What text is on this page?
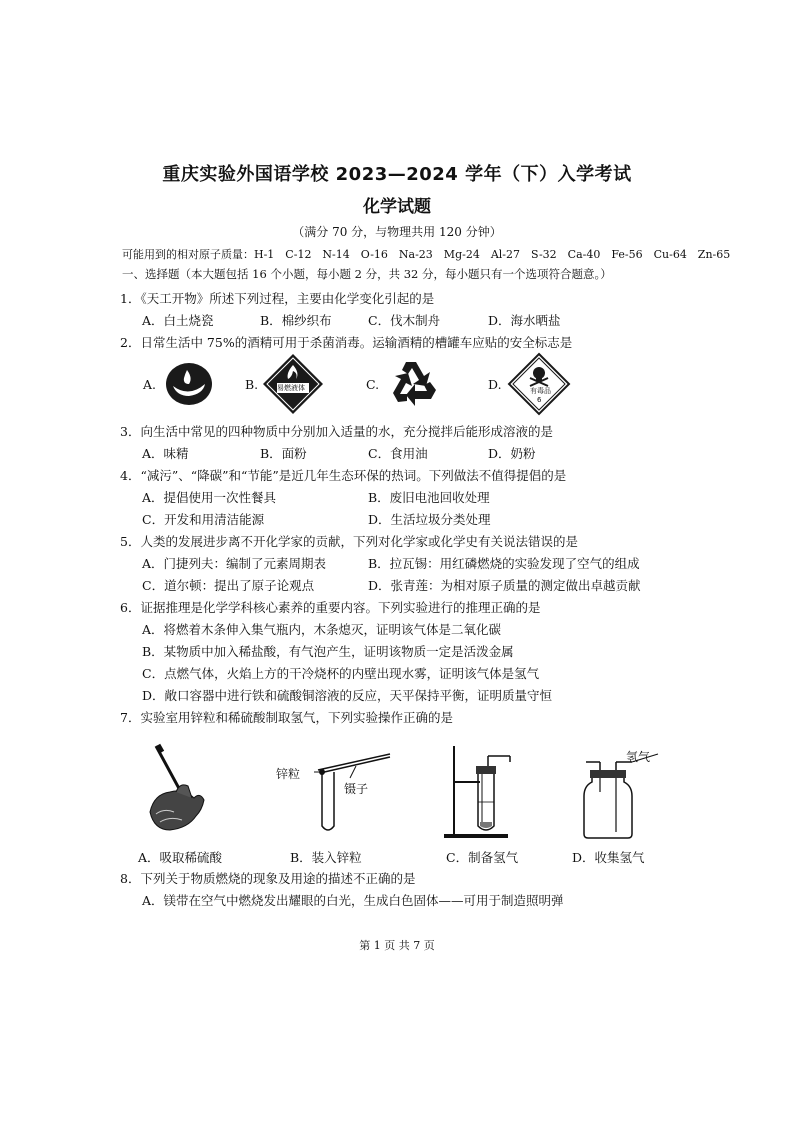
重庆实验外国语学校 2023—2024 学年（下）入学考试
化学试题
（满分 70 分，与物理共用 120 分钟）
可能用到的相对原子质量：H-1　C-12　N-14　O-16　Na-23　Mg-24　Al-27　S-32　Ca-40　Fe-56　Cu-64　Zn-65
一、选择题（本大题包括 16 个小题，每小题 2 分，共 32 分，每小题只有一个选项符合题意。）
1．《天工开物》所述下列过程，主要由化学变化引起的是
A．白土烧瓷	B．棉纱织布	C．伐木制舟	D．海水晒盐
2．日常生活中 75%的酒精可用于杀菌消毒。运输酒精的槽罐车应贴的安全标志是
A.	B.	C.	D.
易燃液体	有毒品
6
3．向生活中常见的四种物质中分别加入适量的水，充分搅拌后能形成溶液的是
A．味精	B．面粉	C．食用油	D．奶粉
4．“减污”、“降碳”和“节能”是近几年生态环保的热词。下列做法不值得提倡的是
A．提倡使用一次性餐具	B．废旧电池回收处理
C．开发和用清洁能源	D．生活垃圾分类处理
5．人类的发展进步离不开化学家的贡献，下列对化学家或化学史有关说法错误的是
A．门捷列夫：编制了元素周期表	B．拉瓦锡：用红磷燃烧的实验发现了空气的组成
C．道尔顿：提出了原子论观点	D．张青莲：为相对原子质量的测定做出卓越贡献
6．证据推理是化学学科核心素养的重要内容。下列实验进行的推理正确的是
A．将燃着木条伸入集气瓶内，木条熄灭，证明该气体是二氧化碳
B．某物质中加入稀盐酸，有气泡产生，证明该物质一定是活泼金属
C．点燃气体，火焰上方的干冷烧杯的内壁出现水雾，证明该气体是氢气
D．敞口容器中进行铁和硫酸铜溶液的反应，天平保持平衡，证明质量守恒
7．实验室用锌粒和稀硫酸制取氢气，下列实验操作正确的是
锌粒
镊子
氢气
A．吸取稀硫酸	B．装入锌粒	C．制备氢气	D．收集氢气
8．下列关于物质燃烧的现象及用途的描述不正确的是
A．镁带在空气中燃烧发出耀眼的白光，生成白色固体——可用于制造照明弹
第 1 页 共 7 页
